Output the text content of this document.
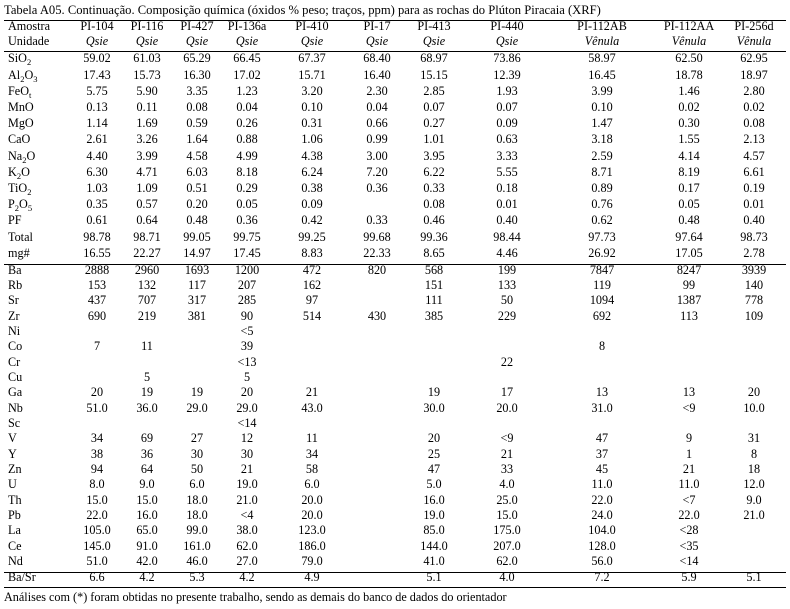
Tabela A05. Continuação. Composição química (óxidos % peso; traços, ppm) para as rochas do Plúton Piracaia (XRF)
Amostra	PI-104	PI-116	PI-427	PI-136a	PI-410	PI-17	PI-413	PI-440	PI-112AB	PI-112AA	PI-256d
Unidade	Qsie	Qsie	Qsie	Qsie	Qsie	Qsie	Qsie	Qsie	Vênula	Vênula	Vênula

SiO$_2$	59.02	61.03	65.29	66.45	67.37	68.40	68.97	73.86	58.97	62.50	62.95
$Al_2O_3$	17.43	15.73	16.30	17.02	15.71	16.40	15.15	12.39	16.45	18.78	18.97
FeO$_t$	5.75	5.90	3.35	1.23	3.20	2.30	2.85	1.93	3.99	1.46	2.80
MnO	0.13	0.11	0.08	0.04	0.10	0.04	0.07	0.07	0.10	0.02	0.02
MgO	1.14	1.69	0.59	0.26	0.31	0.66	0.27	0.09	1.47	0.30	0.08
CaO	2.61	3.26	1.64	0.88	1.06	0.99	1.01	0.63	3.18	1.55	2.13
$Na_2O$	4.40	3.99	4.58	4.99	4.38	3.00	3.95	3.33	2.59	4.14	4.57
$K_2O$	6.30	4.71	6.03	8.18	6.24	7.20	6.22	5.55	8.71	8.19	6.61
TiO$_2$	1.03	1.09	0.51	0.29	0.38	0.36	0.33	0.18	0.89	0.17	0.19
$P_2O_5$	0.35	0.57	0.20	0.05	0.09		0.08	0.01	0.76	0.05	0.01
PF	0.61	0.64	0.48	0.36	0.42	0.33	0.46	0.40	0.62	0.48	0.40
Total	98.78	98.71	99.05	99.75	99.25	99.68	99.36	98.44	97.73	97.64	98.73
mg#	16.55	22.27	14.97	17.45	8.83	22.33	8.65	4.46	26.92	17.05	2.78

Ba	2888	2960	1693	1200	472	820	568	199	7847	8247	3939
Rb	153	132	117	207	162		151	133	119	99	140
Sr	437	707	317	285	97		111	50	1094	1387	778
Zr	690	219	381	90	514	430	385	229	692	113	109
Ni				<5							
Co	7	11		39					8		
Cr				<13				22			
Cu		5		5							
Ga	20	19	19	20	21		19	17	13	13	20
Nb	51.0	36.0	29.0	29.0	43.0		30.0	20.0	31.0	<9	10.0
Sc				<14							
V	34	69	27	12	11		20	<9	47	9	31
Y	38	36	30	30	34		25	21	37	1	8
Zn	94	64	50	21	58		47	33	45	21	18
U	8.0	9.0	6.0	19.0	6.0		5.0	4.0	11.0	11.0	12.0
Th	15.0	15.0	18.0	21.0	20.0		16.0	25.0	22.0	<7	9.0
Pb	22.0	16.0	18.0	<4	20.0		19.0	15.0	24.0	22.0	21.0
La	105.0	65.0	99.0	38.0	123.0		85.0	175.0	104.0	<28	
Ce	145.0	91.0	161.0	62.0	186.0		144.0	207.0	128.0	<35	
Nd	51.0	42.0	46.0	27.0	79.0		41.0	62.0	56.0	<14	

Ba/Sr	6.6	4.2	5.3	4.2	4.9		5.1	4.0	7.2	5.9	5.1
Análises com (*) foram obtidas no presente trabalho, sendo as demais do banco de dados do orientador
